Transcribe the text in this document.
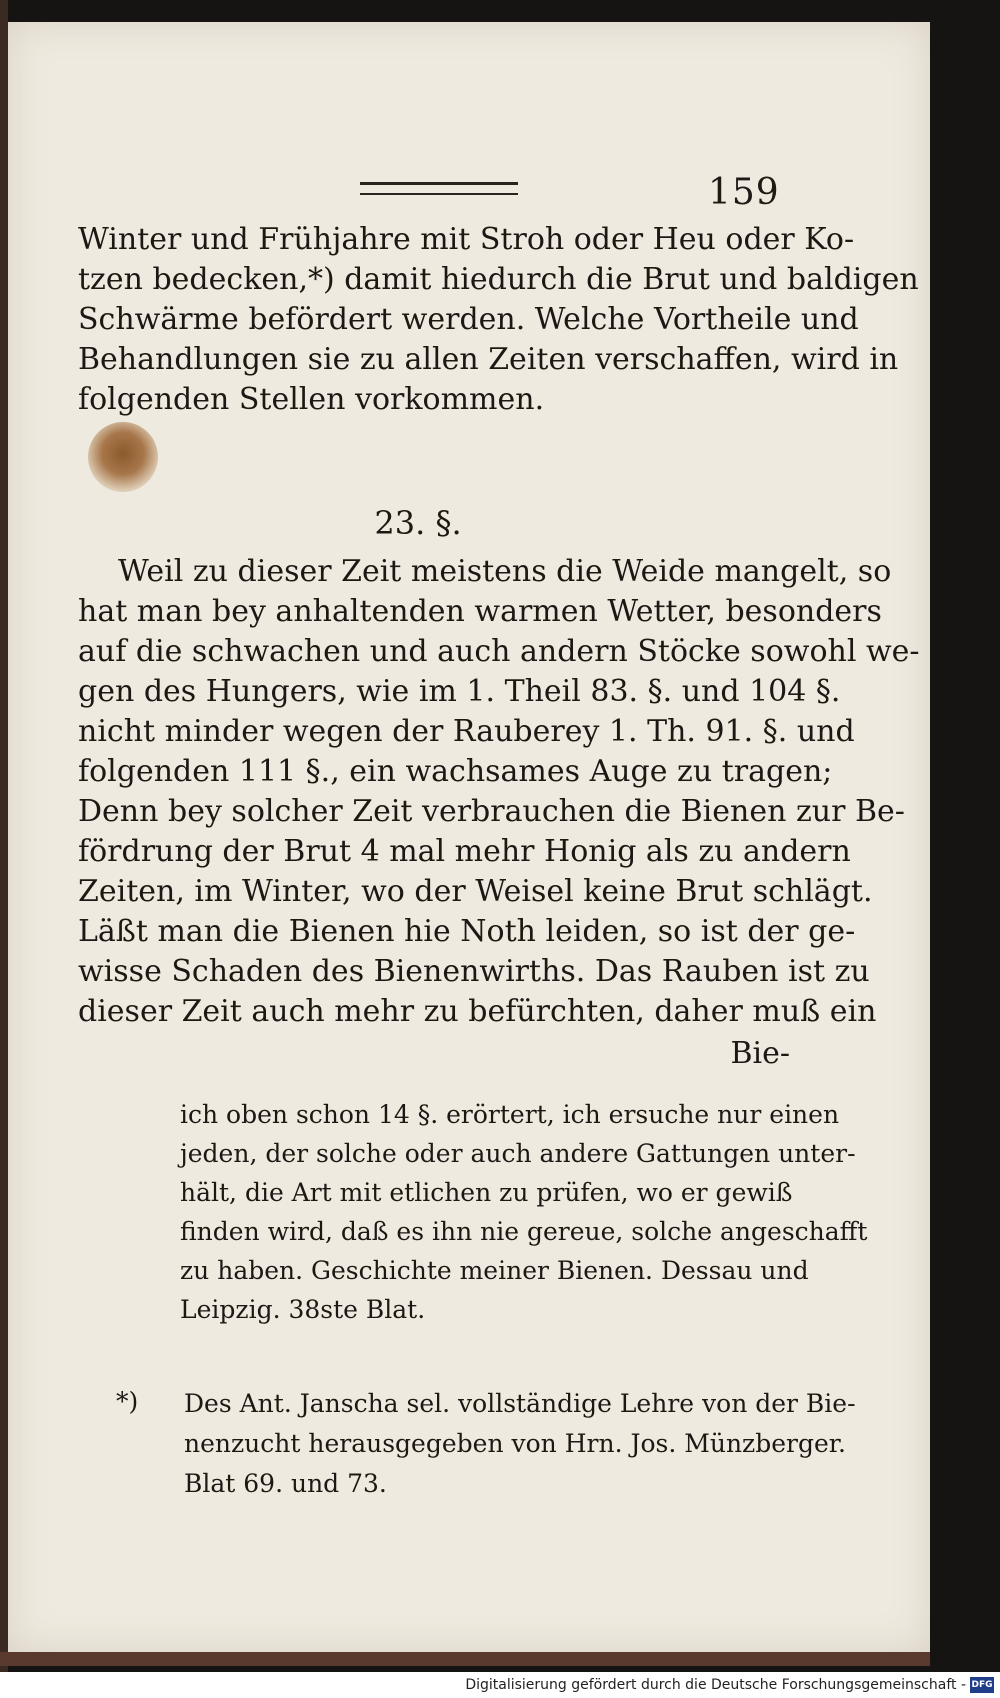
159
Winter und Frühjahre mit Stroh oder Heu oder Ko-
tzen bedecken,*) damit hiedurch die Brut und baldigen
Schwärme befördert werden. Welche Vortheile und
Behandlungen sie zu allen Zeiten verschaffen, wird in
folgenden Stellen vorkommen.
23. §.
Weil zu dieser Zeit meistens die Weide mangelt, so
hat man bey anhaltenden warmen Wetter, besonders
auf die schwachen und auch andern Stöcke sowohl we-
gen des Hungers, wie im 1. Theil 83. §. und 104 §.
nicht minder wegen der Rauberey 1. Th. 91. §. und
folgenden 111 §., ein wachsames Auge zu tragen;
Denn bey solcher Zeit verbrauchen die Bienen zur Be-
fördrung der Brut 4 mal mehr Honig als zu andern
Zeiten, im Winter, wo der Weisel keine Brut schlägt.
Läßt man die Bienen hie Noth leiden, so ist der ge-
wisse Schaden des Bienenwirths. Das Rauben ist zu
dieser Zeit auch mehr zu befürchten, daher muß ein
Bie-
ich oben schon 14 §. erörtert, ich ersuche nur einen
jeden, der solche oder auch andere Gattungen unter-
hält, die Art mit etlichen zu prüfen, wo er gewiß
finden wird, daß es ihn nie gereue, solche angeschafft
zu haben. Geschichte meiner Bienen. Dessau und
Leipzig. 38ste Blat.
*) Des Ant. Janscha sel. vollständige Lehre von der Bie-
nenzucht herausgegeben von Hrn. Jos. Münzberger.
Blat 69. und 73.
Digitalisierung gefördert durch die Deutsche Forschungsgemeinschaft - DFG
